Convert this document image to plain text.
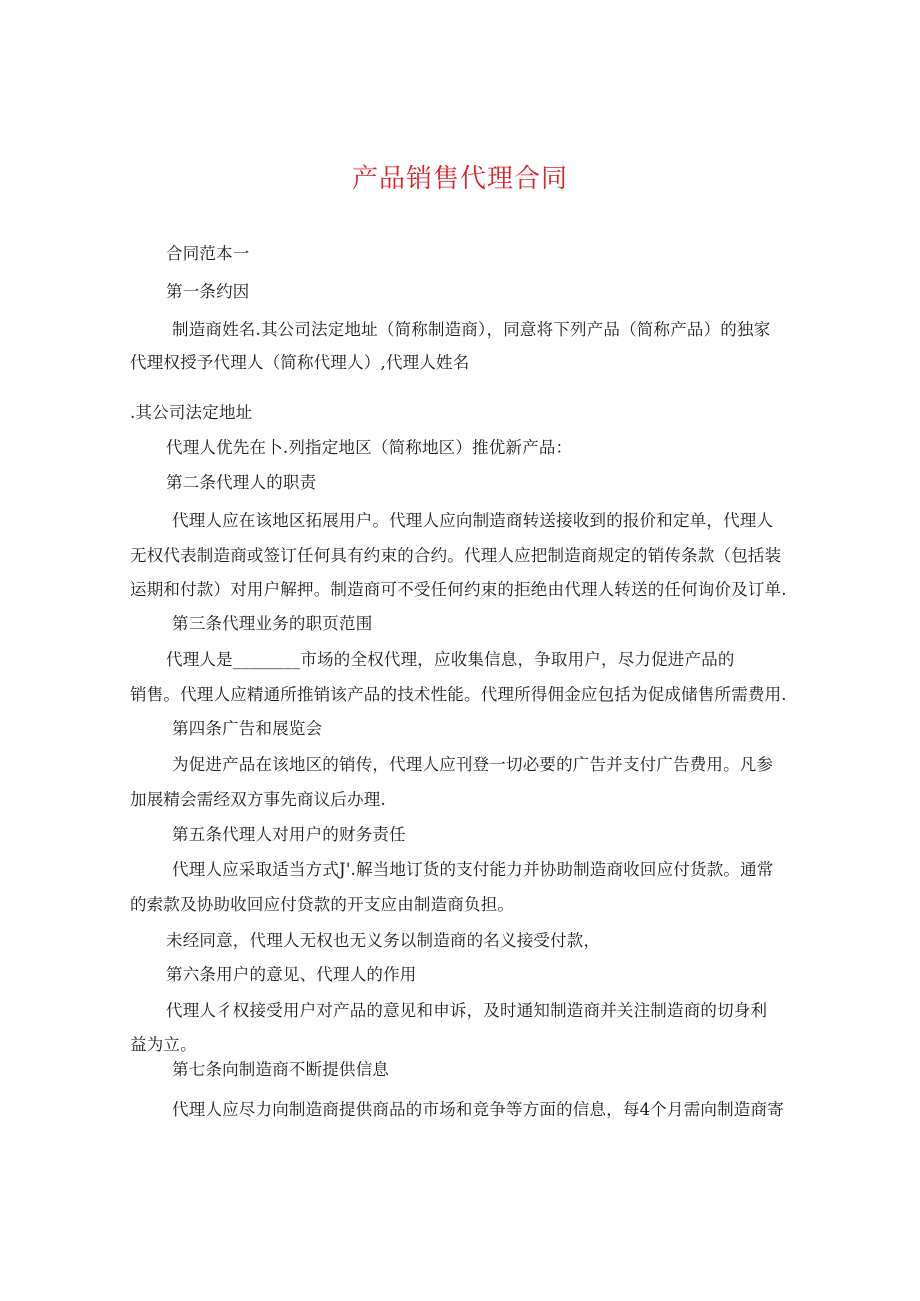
产品销售代理合同
合同范本一
第一条约因
制造商姓名.其公司法定地址（简称制造商），同意将下列产品（简称产品）的独家
代理权授予代理人（简称代理人）,代理人姓名
.其公司法定地址
代理人优先在卜.列指定地区（简称地区）推优新产品：
第二条代理人的职责
代理人应在该地区拓展用户。代理人应向制造商转送接收到的报价和定单，代理人
无权代表制造商或签订任何具有约束的合约。代理人应把制造商规定的销传条款（包括装
运期和付款）对用户解押。制造商可不受任何约束的拒绝由代理人转送的任何询价及订单.
第三条代理业务的职页范围
代理人是________市场的全权代理，应收集信息，争取用户，尽力促进产品的
销售。代理人应精通所推销该产品的技术性能。代理所得佣金应包括为促成储售所需费用.
第四条广告和展览会
为促进产品在该地区的销传，代理人应刊登一切必要的广告并支付广告费用。凡参
加展精会需经双方事先商议后办理.
第五条代理人对用户的财务责任
代理人应采取适当方式J'.解当地订货的支付能力并协助制造商收回应付货款。通常
的索款及协助收回应付贷款的开支应由制造商负担。
未经同意，代理人无权也无义务以制造商的名义接受付款，
第六条用户的意见、代理人的作用
代理人彳权接受用户对产品的意见和申诉，及时通知制造商并关注制造商的切身利
益为立。
第七条向制造商不断提供信息
代理人应尽力向制造商提供商品的市场和竞争等方面的信息，每4个月需向制造商寄
